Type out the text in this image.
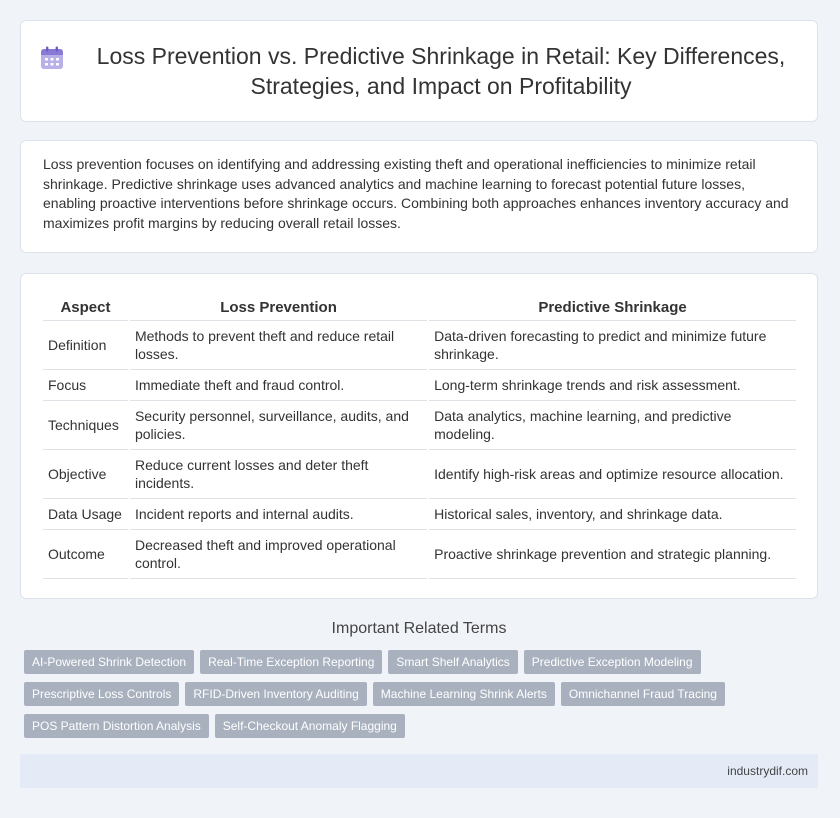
Loss Prevention vs. Predictive Shrinkage in Retail: Key Differences, Strategies, and Impact on Profitability

Loss prevention focuses on identifying and addressing existing theft and operational inefficiencies to minimize retail shrinkage. Predictive shrinkage uses advanced analytics and machine learning to forecast potential future losses, enabling proactive interventions before shrinkage occurs. Combining both approaches enhances inventory accuracy and maximizes profit margins by reducing overall retail losses.

Aspect	Loss Prevention	Predictive Shrinkage
Definition	Methods to prevent theft and reduce retail losses.	Data-driven forecasting to predict and minimize future shrinkage.
Focus	Immediate theft and fraud control.	Long-term shrinkage trends and risk assessment.
Techniques	Security personnel, surveillance, audits, and policies.	Data analytics, machine learning, and predictive modeling.
Objective	Reduce current losses and deter theft incidents.	Identify high-risk areas and optimize resource allocation.
Data Usage	Incident reports and internal audits.	Historical sales, inventory, and shrinkage data.
Outcome	Decreased theft and improved operational control.	Proactive shrinkage prevention and strategic planning.
Important Related Terms
AI-Powered Shrink Detection	Real-Time Exception Reporting	Smart Shelf Analytics	Predictive Exception Modeling
Prescriptive Loss Controls	RFID-Driven Inventory Auditing	Machine Learning Shrink Alerts	Omnichannel Fraud Tracing
POS Pattern Distortion Analysis	Self-Checkout Anomaly Flagging
industrydif.com
